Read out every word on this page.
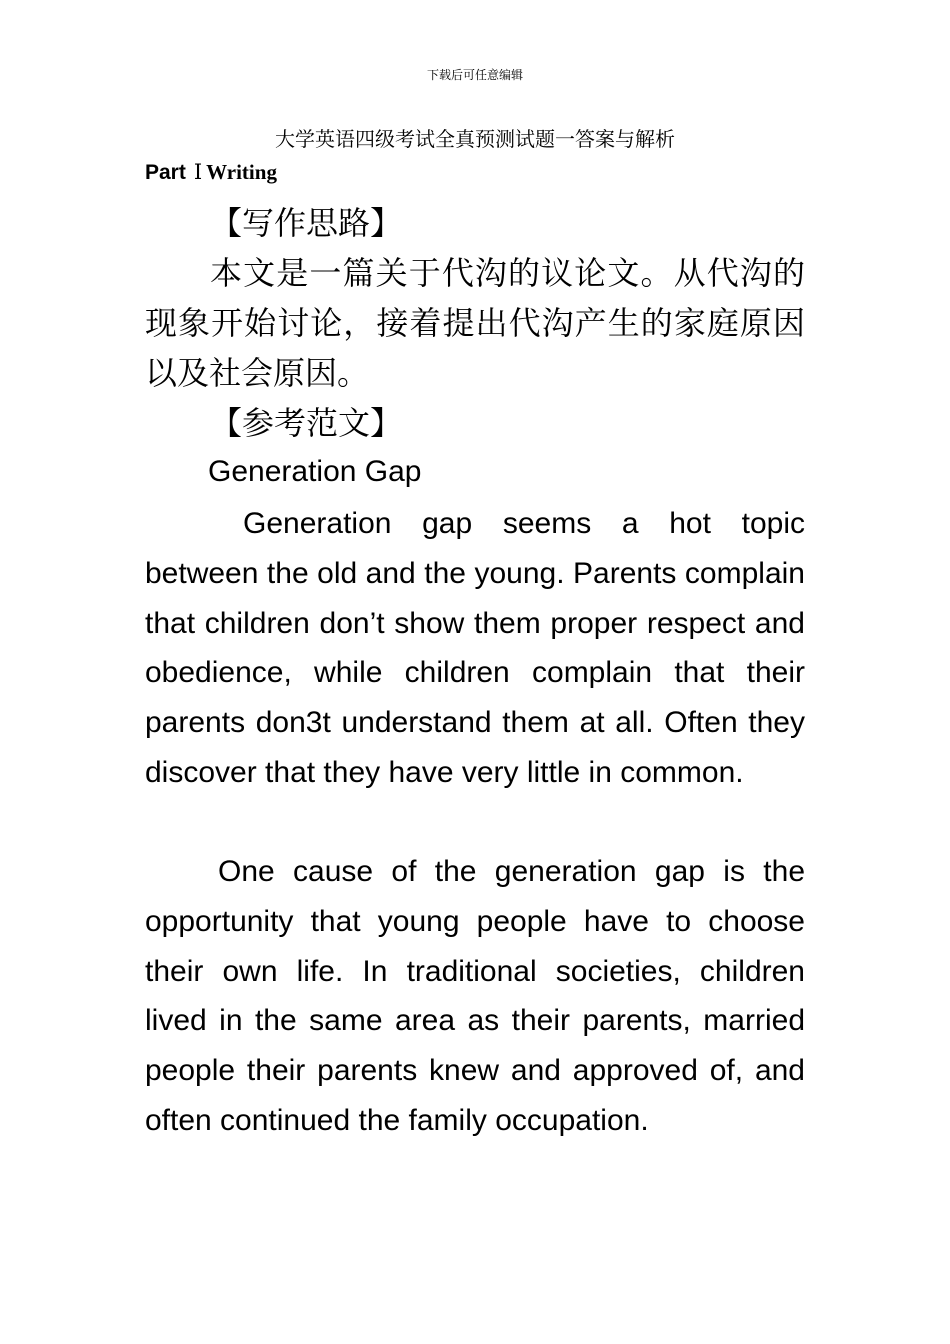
下载后可任意编辑
大学英语四级考试全真预测试题一答案与解析
Part Ⅰ Writing
【写作思路】
本文是一篇关于代沟的议论文。从代沟的现象开始讨论，接着提出代沟产生的家庭原因以及社会原因。
【参考范文】
Generation Gap
Generation gap seems a hot topic between the old and the young. Parents complain that children don’t show them proper respect and obedience, while children complain that their parents don3t understand them at all. Often they discover that they have very little in common.
One cause of the generation gap is the opportunity that young people have to choose their own life. In traditional societies, children lived in the same area as their parents, married people their parents knew and approved of, and often continued the family occupation.
